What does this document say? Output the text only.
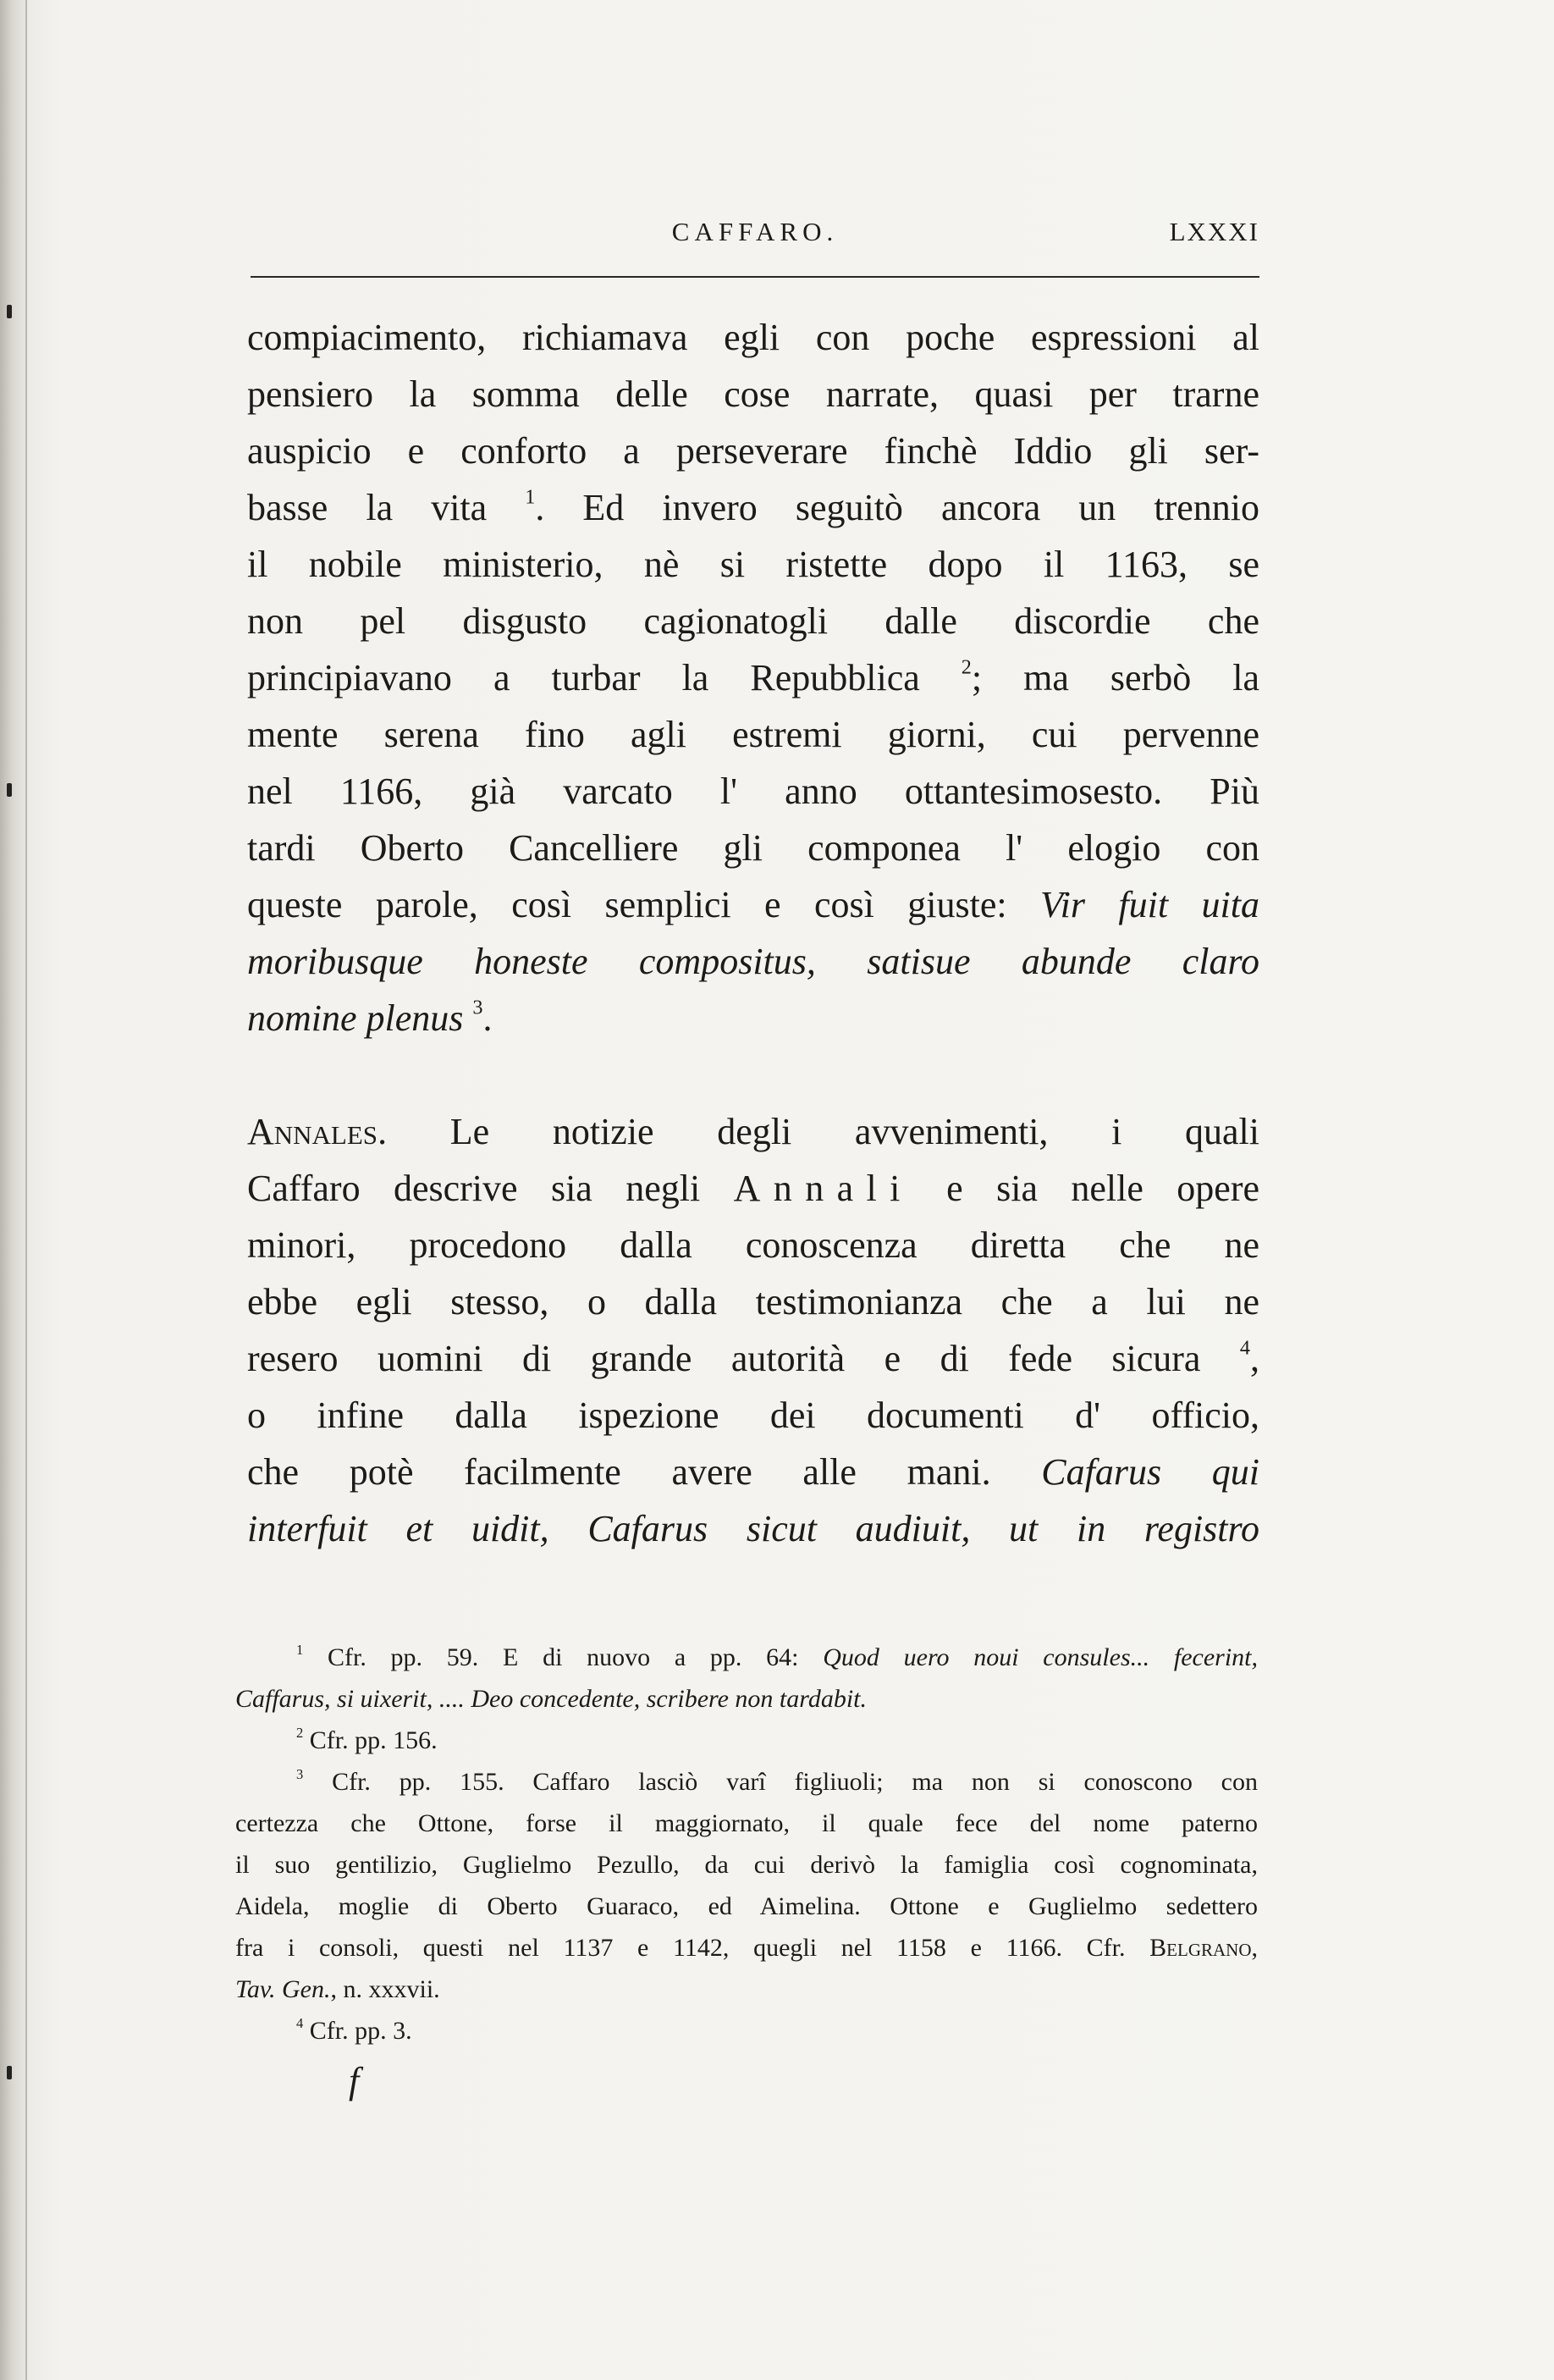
CAFFARO.	LXXXI
compiacimento, richiamava egli con poche espressioni al
pensiero la somma delle cose narrate, quasi per trarne
auspicio e conforto a perseverare finchè Iddio gli ser-
basse la vita $^1$. Ed invero seguitò ancora un trennio
il nobile ministerio, nè si ristette dopo il 1163, se
non pel disgusto cagionatogli dalle discordie che
principiavano a turbar la Repubblica $^2$; ma serbò la
mente serena fino agli estremi giorni, cui pervenne
nel 1166, già varcato l' anno ottantesimosesto. Più
tardi Oberto Cancelliere gli componea l' elogio con
queste parole, così semplici e così giuste: Vir fuit uita
moribusque honeste compositus, satisue abunde claro
nomine plenus $^3$.
Annales. Le notizie degli avvenimenti, i quali
Caffaro descrive sia negli Annali e sia nelle opere
minori, procedono dalla conoscenza diretta che ne
ebbe egli stesso, o dalla testimonianza che a lui ne
resero uomini di grande autorità e di fede sicura $^4$,
o infine dalla ispezione dei documenti d' officio,
che potè facilmente avere alle mani. Cafarus qui
interfuit et uidit, Cafarus sicut audiuit, ut in registro
$^1$ Cfr. pp. 59. E di nuovo a pp. 64: Quod uero noui consules... fecerint,
Caffarus, si uixerit, .... Deo concedente, scribere non tardabit.
$^2$ Cfr. pp. 156.
$^3$ Cfr. pp. 155. Caffaro lasciò varî figliuoli; ma non si conoscono con
certezza che Ottone, forse il maggiornato, il quale fece del nome paterno
il suo gentilizio, Guglielmo Pezullo, da cui derivò la famiglia così cognominata,
Aidela, moglie di Oberto Guaraco, ed Aimelina. Ottone e Guglielmo sedettero
fra i consoli, questi nel 1137 e 1142, quegli nel 1158 e 1166. Cfr. Belgrano,
Tav. Gen., n. xxxvii.
$^4$ Cfr. pp. 3.
f
